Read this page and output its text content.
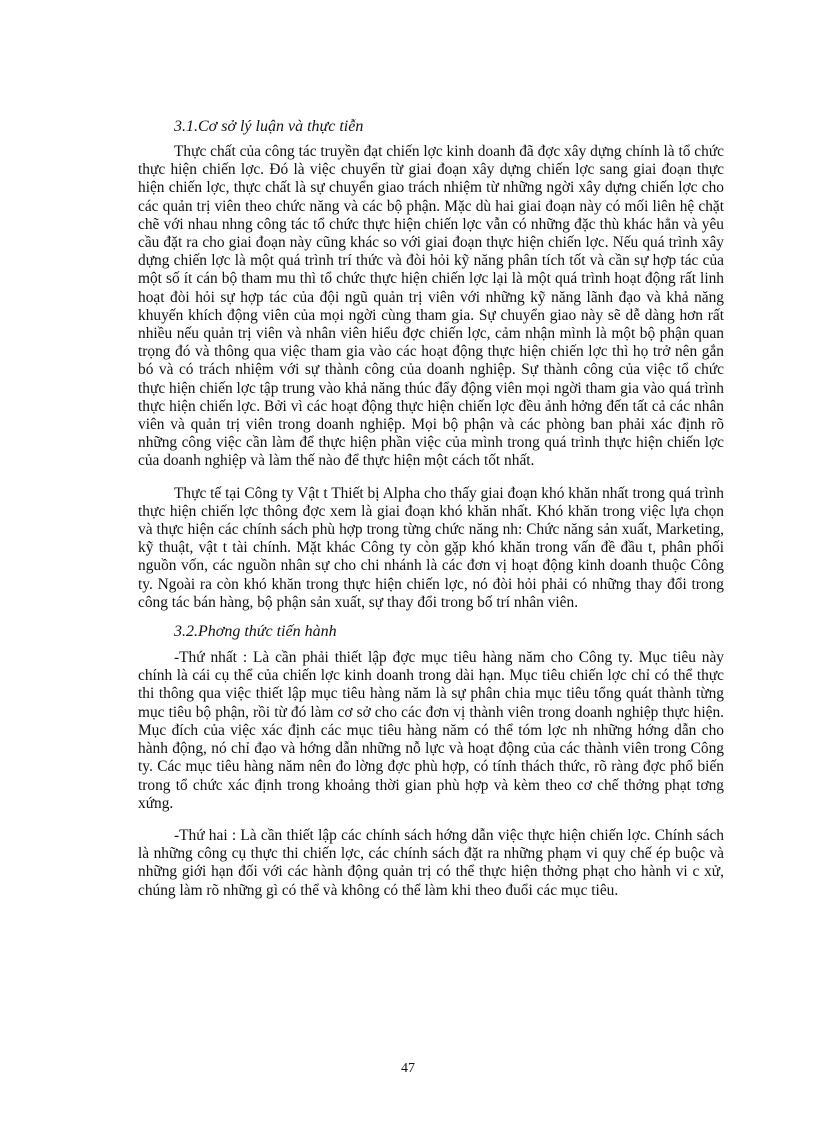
3.1.Cơ sở lý luận và thực tiễn

Thực chất của công tác truyền đạt chiến lợc kinh doanh đã đợc xây dựng chính là tổ chức thực hiện chiến lợc. Đó là việc chuyển từ giai đoạn xây dựng chiến lợc sang giai đoạn thực hiện chiến lợc, thực chất là sự chuyển giao trách nhiệm từ những ngời xây dựng chiến lợc cho các quản trị viên theo chức năng và các bộ phận. Mặc dù hai giai đoạn này có mối liên hệ chặt chẽ với nhau nhng công tác tổ chức thực hiện chiến lợc vẫn có những đặc thù khác hẳn và yêu cầu đặt ra cho giai đoạn này cũng khác so với giai đoạn thực hiện chiến lợc. Nếu quá trình xây dựng chiến lợc là một quá trình trí thức và đòi hỏi kỹ năng phân tích tốt và cần sự hợp tác của một số ít cán bộ tham mu thì tổ chức thực hiện chiến lợc lại là một quá trình hoạt động rất linh hoạt đòi hỏi sự hợp tác của đội ngũ quản trị viên với những kỹ năng lãnh đạo và khả năng khuyến khích động viên của mọi ngời cùng tham gia. Sự chuyển giao này sẽ dễ dàng hơn rất nhiều nếu quản trị viên và nhân viên hiểu đợc chiến lợc, cảm nhận mình là một bộ phận quan trọng đó và thông qua việc tham gia vào các hoạt động thực hiện chiến lợc thì họ trở nên gắn bó và có trách nhiệm với sự thành công của doanh nghiệp. Sự thành công của việc tổ chức thực hiện chiến lợc tập trung vào khả năng thúc đẩy động viên mọi ngời tham gia vào quá trình thực hiện chiến lợc. Bởi vì các hoạt động thực hiện chiến lợc đều ảnh hởng đến tất cả các nhân viên và quản trị viên trong doanh nghiệp. Mọi bộ phận và các phòng ban phải xác định rõ những công việc cần làm để thực hiện phần việc của mình trong quá trình thực hiện chiến lợc của doanh nghiệp và làm thế nào để thực hiện một cách tốt nhất.

Thực tế tại Công ty Vật t Thiết bị Alpha cho thấy giai đoạn khó khăn nhất trong quá trình thực hiện chiến lợc thông đợc xem là giai đoạn khó khăn nhất. Khó khăn trong việc lựa chọn và thực hiện các chính sách phù hợp trong từng chức năng nh: Chức năng sản xuất, Marketing, kỹ thuật, vật t tài chính. Mặt khác Công ty còn gặp khó khăn trong vấn đề đầu t, phân phối nguồn vốn, các nguồn nhân sự cho chi nhánh là các đơn vị hoạt động kinh doanh thuộc Công ty. Ngoài ra còn khó khăn trong thực hiện chiến lợc, nó đòi hỏi phải có những thay đổi trong công tác bán hàng, bộ phận sản xuất, sự thay đổi trong bố trí nhân viên.

3.2.Phơng thức tiến hành

-Thứ nhất : Là cần phải thiết lập đợc mục tiêu hàng năm cho Công ty. Mục tiêu này chính là cái cụ thể của chiến lợc kinh doanh trong dài hạn. Mục tiêu chiến lợc chỉ có thể thực thi thông qua việc thiết lập mục tiêu hàng năm là sự phân chia mục tiêu tổng quát thành từng mục tiêu bộ phận, rồi từ đó làm cơ sở cho các đơn vị thành viên trong doanh nghiệp thực hiện. Mục đích của việc xác định các mục tiêu hàng năm có thể tóm lợc nh những hớng dẫn cho hành động, nó chỉ đạo và hớng dẫn những nỗ lực và hoạt động của các thành viên trong Công ty. Các mục tiêu hàng năm nên đo lờng đợc phù hợp, có tính thách thức, rõ ràng đợc phổ biến trong tổ chức xác định trong khoảng thời gian phù hợp và kèm theo cơ chế thởng phạt tơng xứng.

-Thứ hai : Là cần thiết lập các chính sách hớng dẫn việc thực hiện chiến lợc. Chính sách là những công cụ thực thi chiến lợc, các chính sách đặt ra những phạm vi quy chế ép buộc và những giới hạn đối với các hành động quản trị có thể thực hiện thởng phạt cho hành vi c xử, chúng làm rõ những gì có thể và không có thể làm khi theo đuổi các mục tiêu.

47
